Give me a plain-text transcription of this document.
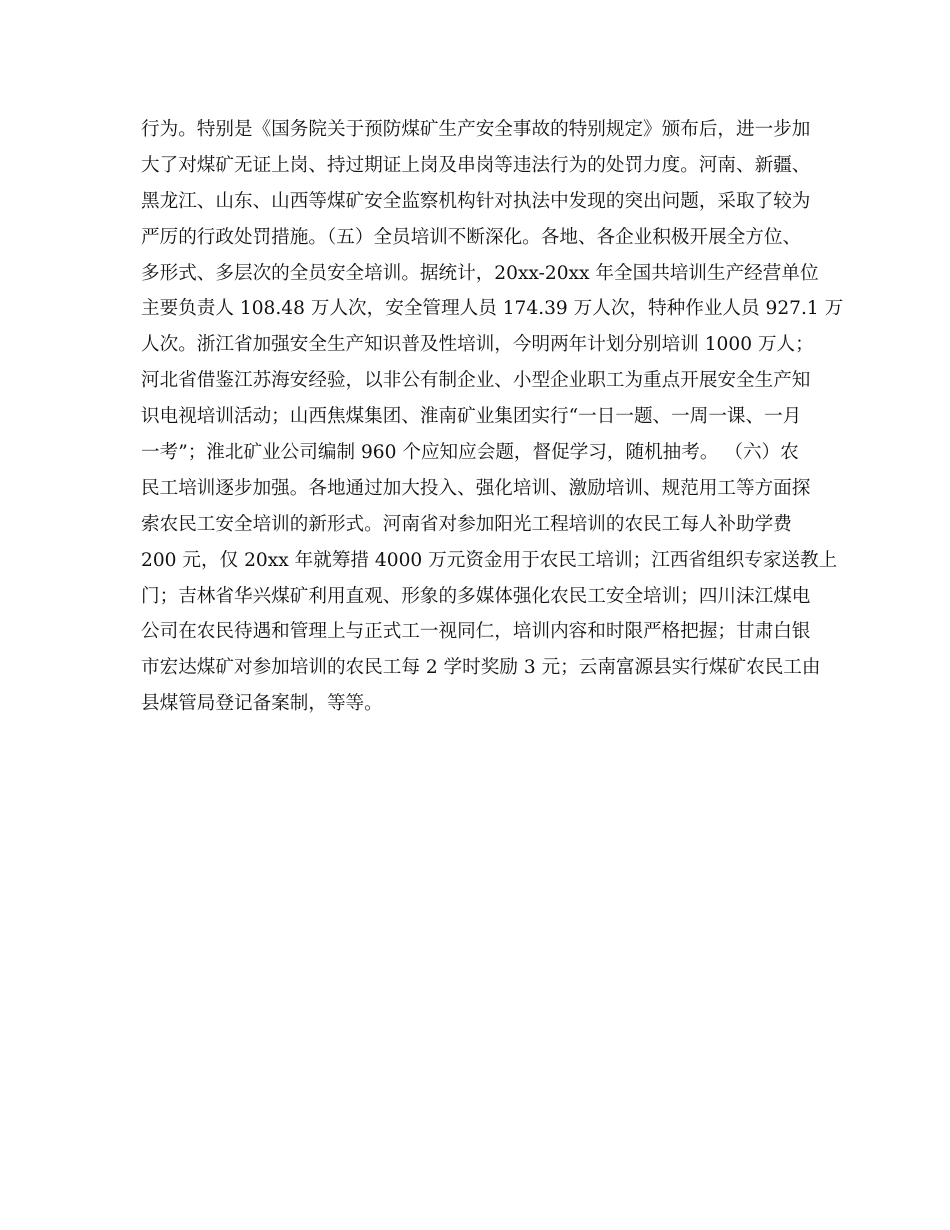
行为。特别是《国务院关于预防煤矿生产安全事故的特别规定》颁布后，进一步加
大了对煤矿无证上岗、持过期证上岗及串岗等违法行为的处罚力度。河南、新疆、
黑龙江、山东、山西等煤矿安全监察机构针对执法中发现的突出问题，采取了较为
严厉的行政处罚措施。（五）全员培训不断深化。各地、各企业积极开展全方位、
多形式、多层次的全员安全培训。据统计，20xx-20xx 年全国共培训生产经营单位
主要负责人 108.48 万人次，安全管理人员 174.39 万人次，特种作业人员 927.1 万
人次。浙江省加强安全生产知识普及性培训，今明两年计划分别培训 1000 万人；
河北省借鉴江苏海安经验，以非公有制企业、小型企业职工为重点开展安全生产知
识电视培训活动；山西焦煤集团、淮南矿业集团实行“一日一题、一周一课、一月
一考”；淮北矿业公司编制 960 个应知应会题，督促学习，随机抽考。 （六）农
民工培训逐步加强。各地通过加大投入、强化培训、激励培训、规范用工等方面探
索农民工安全培训的新形式。河南省对参加阳光工程培训的农民工每人补助学费
200 元，仅 20xx 年就筹措 4000 万元资金用于农民工培训；江西省组织专家送教上
门；吉林省华兴煤矿利用直观、形象的多媒体强化农民工安全培训；四川沫江煤电
公司在农民待遇和管理上与正式工一视同仁，培训内容和时限严格把握；甘肃白银
市宏达煤矿对参加培训的农民工每 2 学时奖励 3 元；云南富源县实行煤矿农民工由
县煤管局登记备案制，等等。
